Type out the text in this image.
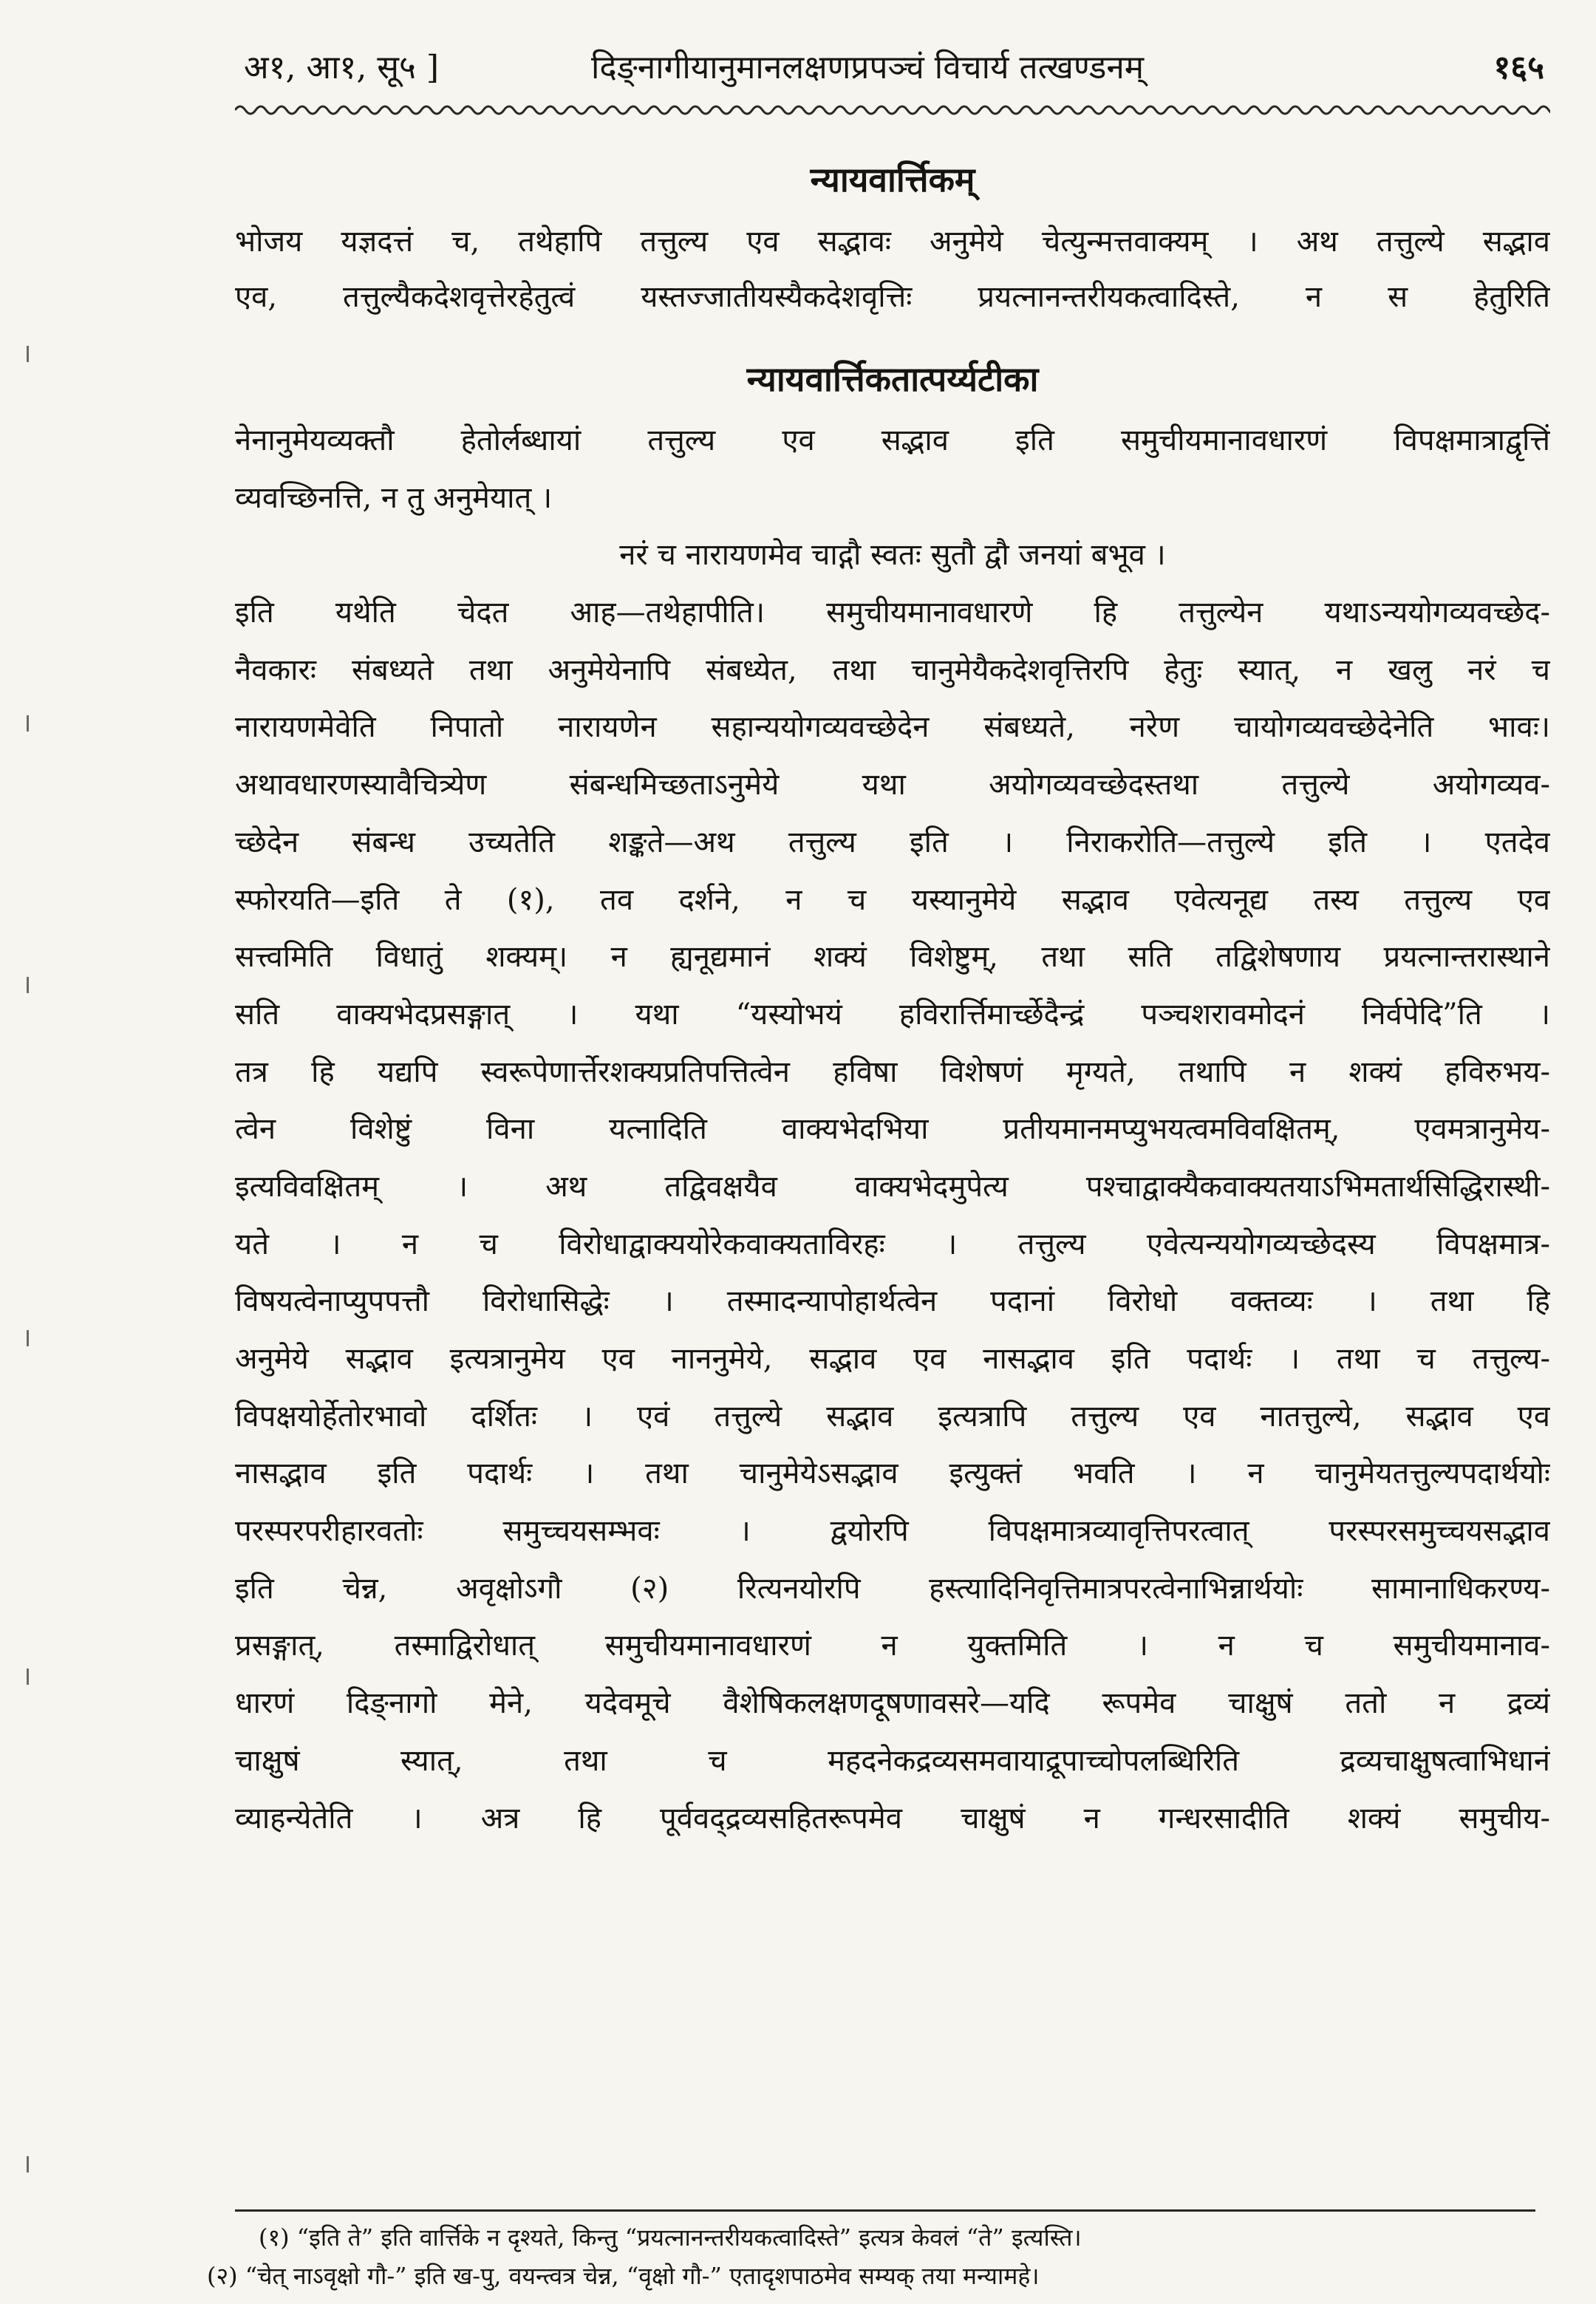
अ१, आ१, सू५ ]	दिङ्नागीयानुमानलक्षणप्रपञ्चं विचार्य तत्खण्डनम्	१६५
न्यायवार्त्तिकम्
भोजय यज्ञदत्तं च, तथेहापि तत्तुल्य एव सद्भावः अनुमेये चेत्युन्मत्तवाक्यम् । अथ तत्तुल्ये सद्भाव
एव, तत्तुल्यैकदेशवृत्तेरहेतुत्वं यस्तज्जातीयस्यैकदेशवृत्तिः प्रयत्नानन्तरीयकत्वादिस्ते, न स हेतुरिति
न्यायवार्त्तिकतात्पर्य्यटीका
नेनानुमेयव्यक्तौ हेतोर्लब्धायां तत्तुल्य एव सद्भाव इति समुचीयमानावधारणं विपक्षमात्राद्वृत्तिं
व्यवच्छिनत्ति, न तु अनुमेयात् ।
नरं च नारायणमेव चाद्गौ स्वतः सुतौ द्वौ जनयां बभूव ।
इति यथेति चेदत आह—तथेहापीति। समुचीयमानावधारणे हि तत्तुल्येन यथाऽन्ययोगव्यवच्छेद-
नैवकारः संबध्यते तथा अनुमेयेनापि संबध्येत, तथा चानुमेयैकदेशवृत्तिरपि हेतुः स्यात्, न खलु नरं च
नारायणमेवेति निपातो नारायणेन सहान्ययोगव्यवच्छेदेन संबध्यते, नरेण चायोगव्यवच्छेदेनेति भावः।
अथावधारणस्यावैचित्र्येण संबन्धमिच्छताऽनुमेये यथा अयोगव्यवच्छेदस्तथा तत्तुल्ये अयोगव्यव-
च्छेदेन संबन्ध उच्यतेति शङ्कते—अथ तत्तुल्य इति । निराकरोति—तत्तुल्ये इति । एतदेव
स्फोरयति—इति ते (१), तव दर्शने, न च यस्यानुमेये सद्भाव एवेत्यनूद्य तस्य तत्तुल्य एव
सत्त्वमिति विधातुं शक्यम्। न ह्यनूद्यमानं शक्यं विशेष्टुम्, तथा सति तद्विशेषणाय प्रयत्नान्तरास्थाने
सति वाक्यभेदप्रसङ्गात् । यथा “यस्योभयं हविरार्त्तिमार्च्छेदैन्द्रं पञ्चशरावमोदनं निर्वपेदि”ति ।
तत्र हि यद्यपि स्वरूपेणार्त्तेरशक्यप्रतिपत्तित्वेन हविषा विशेषणं मृग्यते, तथापि न शक्यं हविरुभय-
त्वेन विशेष्टुं विना यत्नादिति वाक्यभेदभिया प्रतीयमानमप्युभयत्वमविवक्षितम्, एवमत्रानुमेय-
इत्यविवक्षितम् । अथ तद्विवक्षयैव वाक्यभेदमुपेत्य पश्चाद्वाक्यैकवाक्यतयाऽभिमतार्थसिद्धिरास्थी-
यते । न च विरोधाद्वाक्ययोरेकवाक्यताविरहः । तत्तुल्य एवेत्यन्ययोगव्यच्छेदस्य विपक्षमात्र-
विषयत्वेनाप्युपपत्तौ विरोधासिद्धेः । तस्मादन्यापोहार्थत्वेन पदानां विरोधो वक्तव्यः । तथा हि
अनुमेये सद्भाव इत्यत्रानुमेय एव नाननुमेये, सद्भाव एव नासद्भाव इति पदार्थः । तथा च तत्तुल्य-
विपक्षयोर्हेतोरभावो दर्शितः । एवं तत्तुल्ये सद्भाव इत्यत्रापि तत्तुल्य एव नातत्तुल्ये, सद्भाव एव
नासद्भाव इति पदार्थः । तथा चानुमेयेऽसद्भाव इत्युक्तं भवति । न चानुमेयतत्तुल्यपदार्थयोः
परस्परपरीहारवतोः समुच्चयसम्भवः । द्वयोरपि विपक्षमात्रव्यावृत्तिपरत्वात् परस्परसमुच्चयसद्भाव
इति चेन्न, अवृक्षोऽगौ (२) रित्यनयोरपि हस्त्यादिनिवृत्तिमात्रपरत्वेनाभिन्नार्थयोः सामानाधिकरण्य-
प्रसङ्गात्, तस्माद्विरोधात् समुचीयमानावधारणं न युक्तमिति । न च समुचीयमानाव-
धारणं दिङ्नागो मेने, यदेवमूचे वैशेषिकलक्षणदूषणावसरे—यदि रूपमेव चाक्षुषं ततो न द्रव्यं
चाक्षुषं स्यात्, तथा च महदनेकद्रव्यसमवायाद्रूपाच्चोपलब्धिरिति द्रव्यचाक्षुषत्वाभिधानं
व्याहन्येतेति । अत्र हि पूर्ववद्द्रव्यसहितरूपमेव चाक्षुषं न गन्धरसादीति शक्यं समुचीय-
(१) “इति ते” इति वार्त्तिके न दृश्यते, किन्तु “प्रयत्नानन्तरीयकत्वादिस्ते” इत्यत्र केवलं “ते” इत्यस्ति।
(२) “चेत् नाऽवृक्षो गौ-” इति ख-पु, वयन्त्वत्र चेन्न, “वृक्षो गौ-” एतादृशपाठमेव सम्यक् तया मन्यामहे।
